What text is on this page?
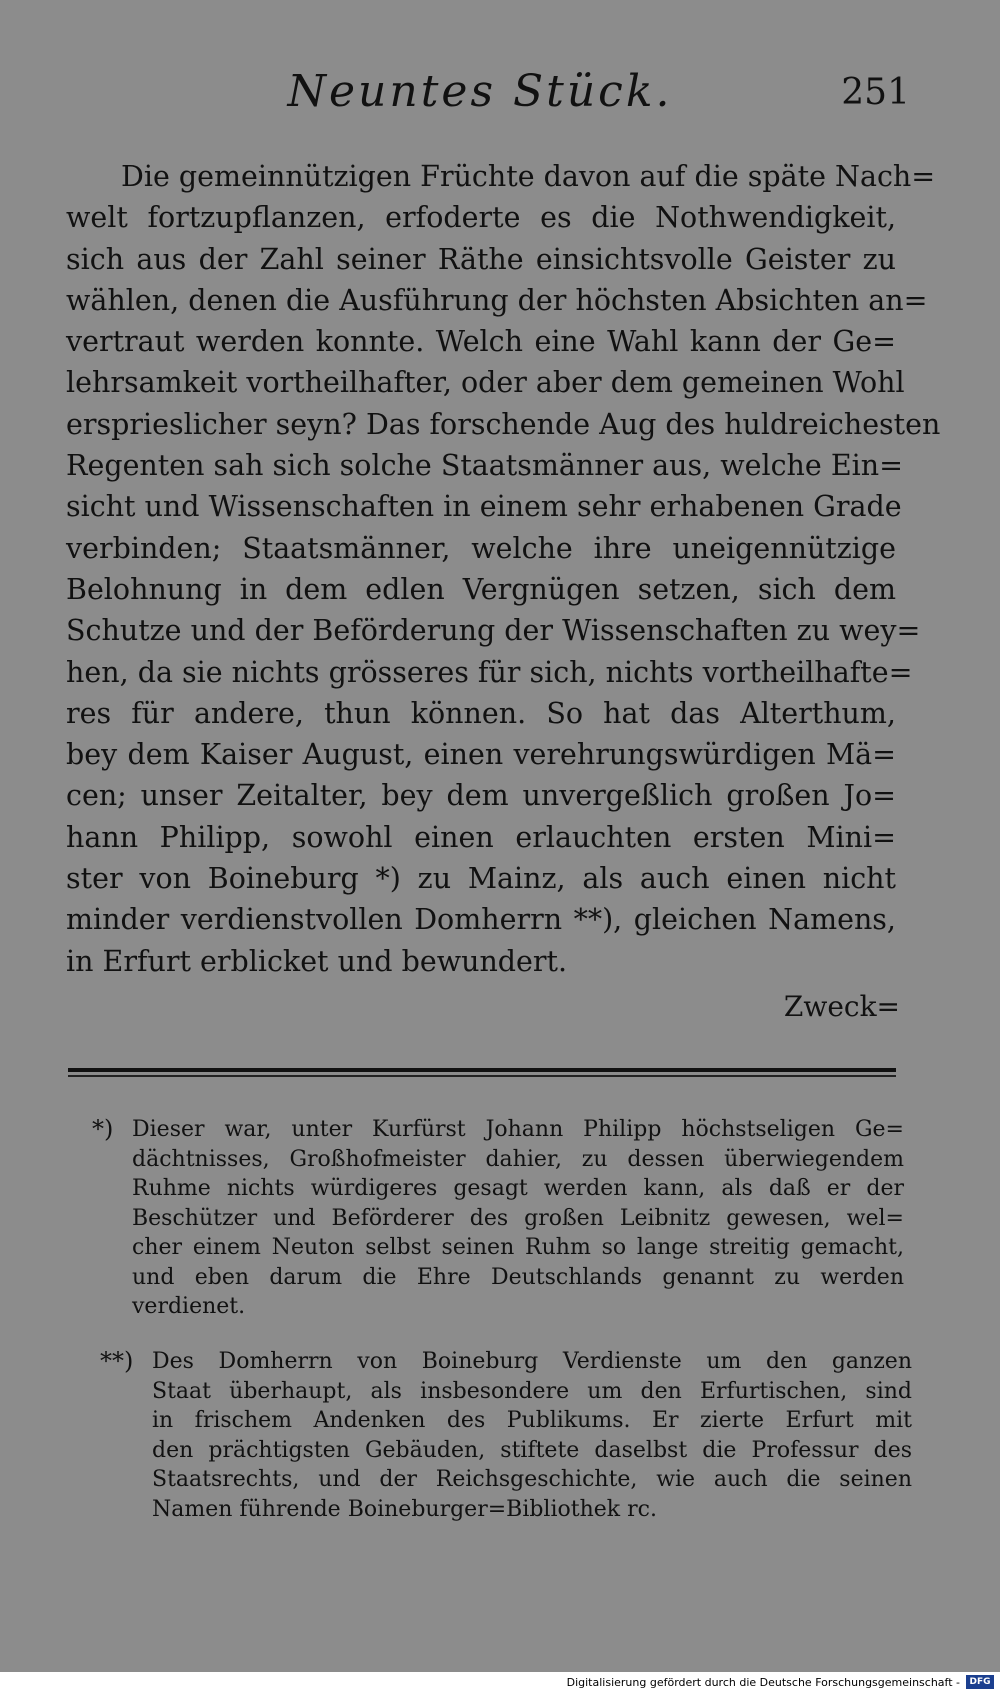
Neuntes Stück.	251
Die gemeinnützigen Früchte davon auf die späte Nach=
welt fortzupflanzen, erfoderte es die Nothwendigkeit,
sich aus der Zahl seiner Räthe einsichtsvolle Geister zu
wählen, denen die Ausführung der höchsten Absichten an=
vertraut werden konnte. Welch eine Wahl kann der Ge=
lehrsamkeit vortheilhafter, oder aber dem gemeinen Wohl
ersprieslicher seyn? Das forschende Aug des huldreichesten
Regenten sah sich solche Staatsmänner aus, welche Ein=
sicht und Wissenschaften in einem sehr erhabenen Grade
verbinden; Staatsmänner, welche ihre uneigennützige
Belohnung in dem edlen Vergnügen setzen, sich dem
Schutze und der Beförderung der Wissenschaften zu wey=
hen, da sie nichts grösseres für sich, nichts vortheilhafte=
res für andere, thun können. So hat das Alterthum,
bey dem Kaiser August, einen verehrungswürdigen Mä=
cen; unser Zeitalter, bey dem unvergeßlich großen Jo=
hann Philipp, sowohl einen erlauchten ersten Mini=
ster von Boineburg *) zu Mainz, als auch einen nicht
minder verdienstvollen Domherrn **), gleichen Namens,
in Erfurt erblicket und bewundert.
Zweck=
*) Dieser war, unter Kurfürst Johann Philipp höchstseligen Ge=
dächtnisses, Großhofmeister dahier, zu dessen überwiegendem
Ruhme nichts würdigeres gesagt werden kann, als daß er der
Beschützer und Beförderer des großen Leibnitz gewesen, wel=
cher einem Neuton selbst seinen Ruhm so lange streitig gemacht,
und eben darum die Ehre Deutschlands genannt zu werden
verdienet.
**) Des Domherrn von Boineburg Verdienste um den ganzen
Staat überhaupt, als insbesondere um den Erfurtischen, sind
in frischem Andenken des Publikums. Er zierte Erfurt mit
den prächtigsten Gebäuden, stiftete daselbst die Professur des
Staatsrechts, und der Reichsgeschichte, wie auch die seinen
Namen führende Boineburger=Bibliothek rc.
Digitalisierung gefördert durch die Deutsche Forschungsgemeinschaft -	DFG
